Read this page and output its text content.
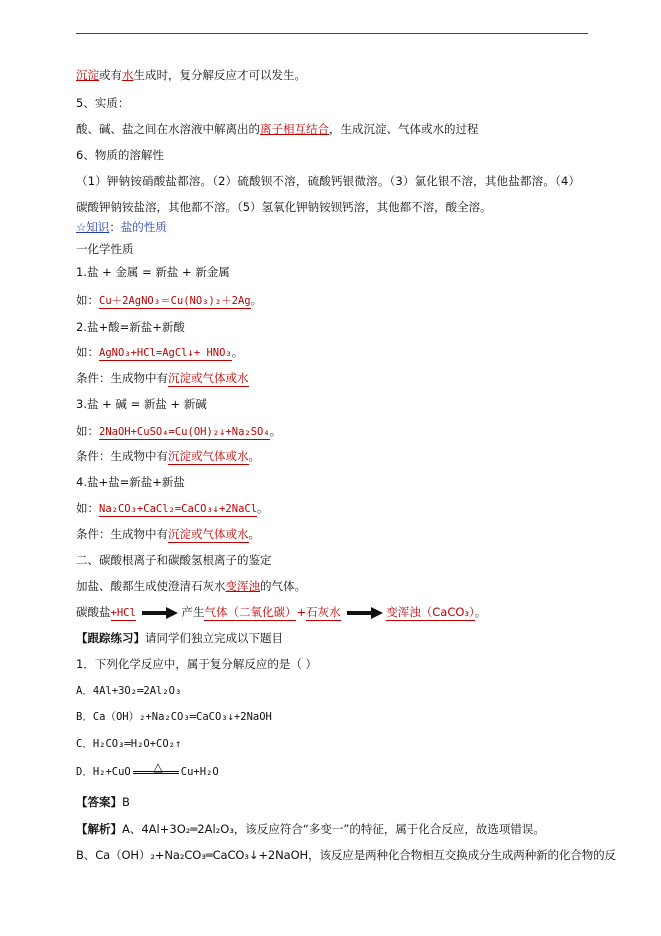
沉淀或有水生成时，复分解反应才可以发生。
5、实质：
酸、碱、盐之间在水溶液中解离出的离子相互结合，生成沉淀、气体或水的过程
6、物质的溶解性
（1）钾钠铵硝酸盐都溶。（2）硫酸钡不溶，硫酸钙银微溶。（3）氯化银不溶，其他盐都溶。（4）
碳酸钾钠铵盐溶，其他都不溶。（5）氢氧化钾钠铵钡钙溶，其他都不溶，酸全溶。
☆知识：盐的性质
一化学性质
1.盐 + 金属 = 新盐 + 新金属
如：Cu＋2AgNO₃＝Cu(NO₃)₂＋2Ag。
2.盐+酸=新盐+新酸
如：AgNO₃+HCl=AgCl↓+ HNO₃。
条件：生成物中有沉淀或气体或水
3.盐 + 碱 = 新盐 + 新碱
如：2NaOH+CuSO₄=Cu(OH)₂↓+Na₂SO₄。
条件：生成物中有沉淀或气体或水。
4.盐+盐=新盐+新盐
如：Na₂CO₃+CaCl₂=CaCO₃↓+2NaCl。
条件：生成物中有沉淀或气体或水。
二、碳酸根离子和碳酸氢根离子的鉴定
加盐、酸都生成使澄清石灰水变浑浊的气体。
碳酸盐+HCl	产生气体（二氧化碳）+石灰水	变浑浊（CaCO₃）。
【跟踪练习】请同学们独立完成以下题目
1．下列化学反应中，属于复分解反应的是（ ）
A．4Al+3O₂═2Al₂O₃
B．Ca（OH）₂+Na₂CO₃═CaCO₃↓+2NaOH
C．H₂CO₃═H₂O+CO₂↑
△
D．H₂+CuO	Cu+H₂O
【答案】B
【解析】A、4Al+3O₂═2Al₂O₃，该反应符合“多变一”的特征，属于化合反应，故选项错误。
B、Ca（OH）₂+Na₂CO₃═CaCO₃↓+2NaOH，该反应是两种化合物相互交换成分生成两种新的化合物的反
